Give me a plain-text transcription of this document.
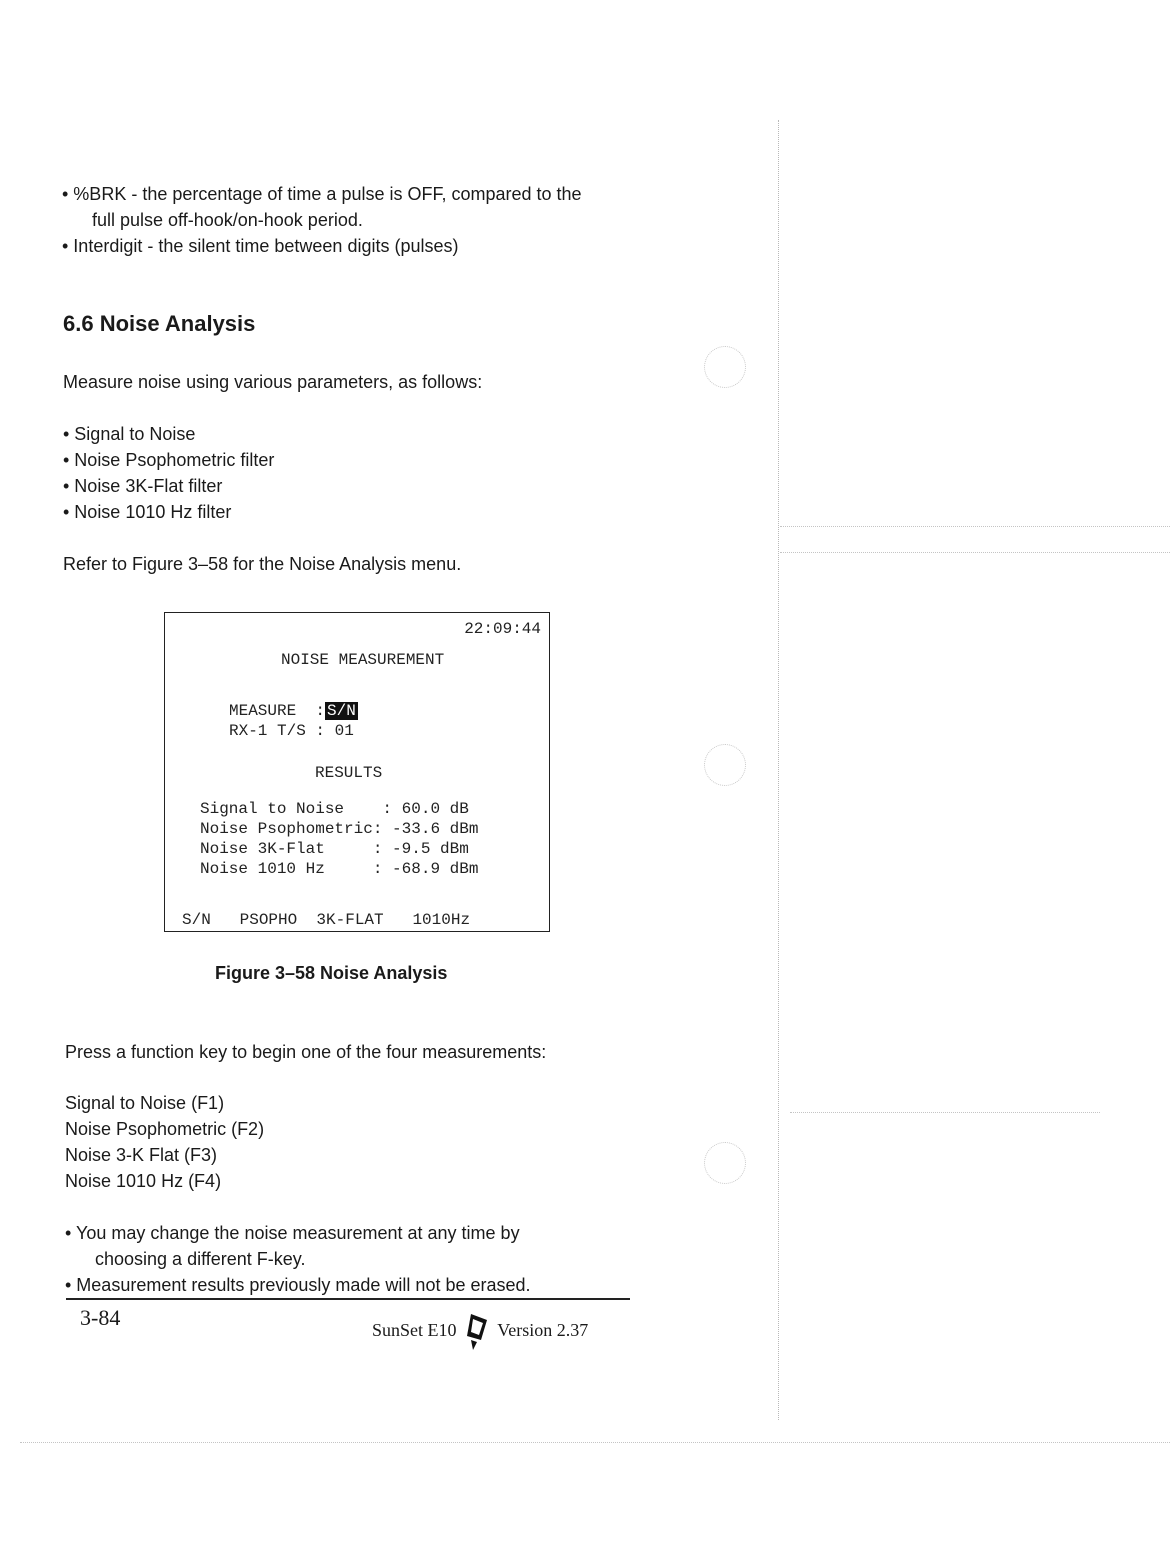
• %BRK - the percentage of time a pulse is OFF, compared to the
full pulse off-hook/on-hook period.
• Interdigit - the silent time between digits (pulses)
6.6 Noise Analysis
Measure noise using various parameters, as follows:
• Signal to Noise
• Noise Psophometric filter
• Noise 3K-Flat filter
• Noise 1010 Hz filter
Refer to Figure 3–58 for the Noise Analysis menu.
22:09:44
NOISE MEASUREMENT
MEASURE  : S/N
RX-1 T/S : 01
RESULTS
Signal to Noise    : 60.0 dB
Noise Psophometric: -33.6 dBm
Noise 3K-Flat     : -9.5 dBm
Noise 1010 Hz     : -68.9 dBm
S/N   PSOPHO  3K-FLAT   1010Hz
Figure 3–58 Noise Analysis
Press a function key to begin one of the four measurements:
Signal to Noise (F1)
Noise Psophometric (F2)
Noise 3-K Flat (F3)
Noise 1010 Hz (F4)
• You may change the noise measurement at any time by
choosing a different F-key.
• Measurement results previously made will not be erased.
3-84	SunSet E10 Version 2.37
